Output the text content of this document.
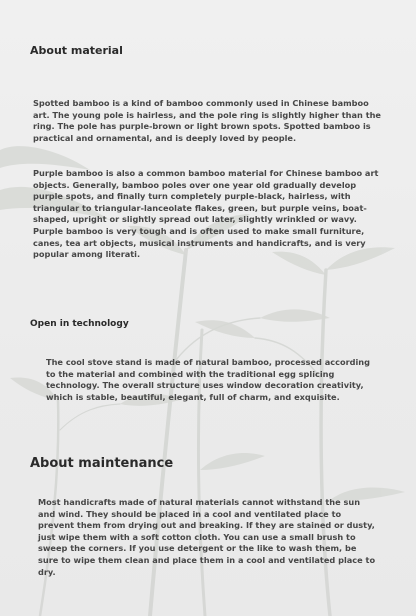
About material

Spotted bamboo is a kind of bamboo commonly used in Chinese bamboo art. The young pole is hairless, and the pole ring is slightly higher than the ring. The pole has purple-brown or light brown spots. Spotted bamboo is practical and ornamental, and is deeply loved by people.

Purple bamboo is also a common bamboo material for Chinese bamboo art objects. Generally, bamboo poles over one year old gradually develop purple spots, and finally turn completely purple-black, hairless, with triangular to triangular-lanceolate flakes, green, but purple veins, boat-shaped, upright or slightly spread out later, slightly wrinkled or wavy. Purple bamboo is very tough and is often used to make small furniture, canes, tea art objects, musical instruments and handicrafts, and is very popular among literati.

Open in technology

The cool stove stand is made of natural bamboo, processed according to the material and combined with the traditional egg splicing technology. The overall structure uses window decoration creativity, which is stable, beautiful, elegant, full of charm, and exquisite.

About maintenance

Most handicrafts made of natural materials cannot withstand the sun and wind. They should be placed in a cool and ventilated place to prevent them from drying out and breaking. If they are stained or dusty, just wipe them with a soft cotton cloth. You can use a small brush to sweep the corners. If you use detergent or the like to wash them, be sure to wipe them clean and place them in a cool and ventilated place to dry.
